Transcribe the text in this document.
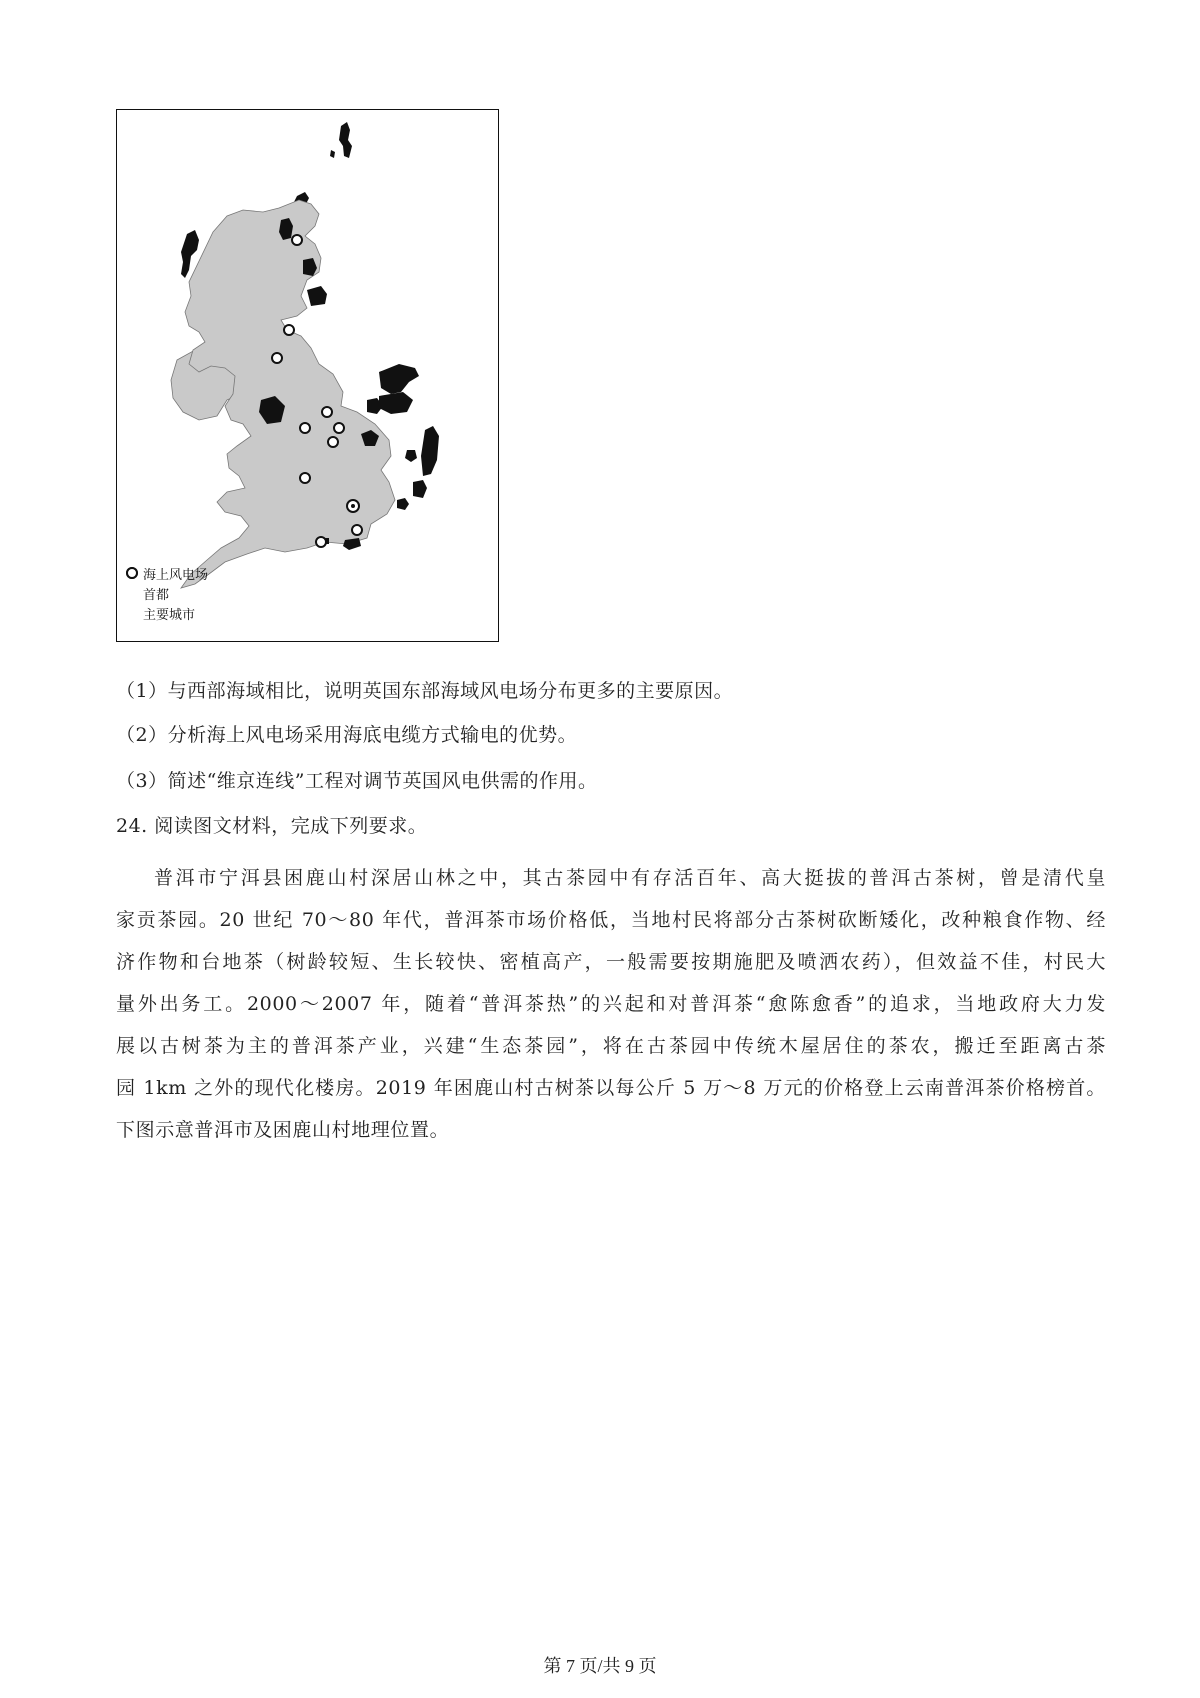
海上风电场
首都
主要城市
（1）与西部海域相比，说明英国东部海域风电场分布更多的主要原因。
（2）分析海上风电场采用海底电缆方式输电的优势。
（3）简述“维京连线”工程对调节英国风电供需的作用。
24. 阅读图文材料，完成下列要求。
普洱市宁洱县困鹿山村深居山林之中，其古茶园中有存活百年、高大挺拔的普洱古茶树，曾是清代皇
家贡茶园。20 世纪 70～80 年代，普洱茶市场价格低，当地村民将部分古茶树砍断矮化，改种粮食作物、经
济作物和台地茶（树龄较短、生长较快、密植高产，一般需要按期施肥及喷洒农药），但效益不佳，村民大
量外出务工。2000～2007 年，随着“普洱茶热”的兴起和对普洱茶“愈陈愈香”的追求，当地政府大力发
展以古树茶为主的普洱茶产业，兴建“生态茶园”，将在古茶园中传统木屋居住的茶农，搬迁至距离古茶
园 1km 之外的现代化楼房。2019 年困鹿山村古树茶以每公斤 5 万～8 万元的价格登上云南普洱茶价格榜首。
下图示意普洱市及困鹿山村地理位置。
第 7 页/共 9 页
